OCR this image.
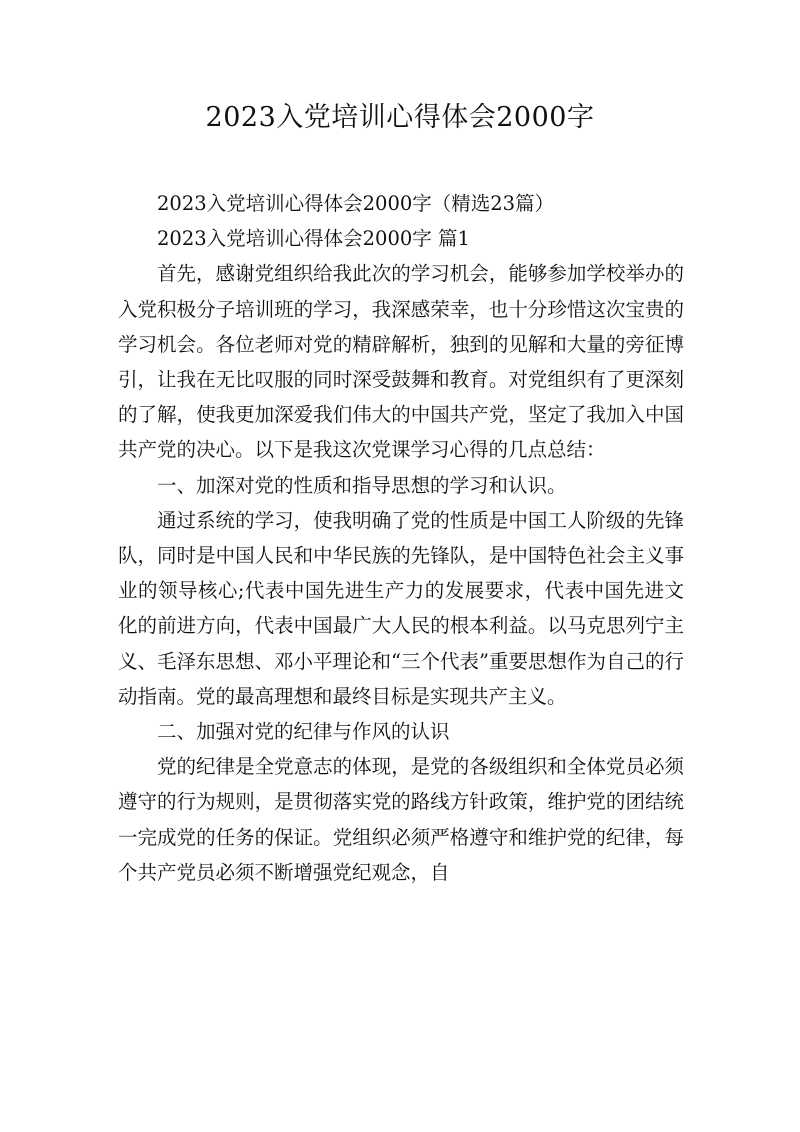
2023入党培训心得体会2000字

2023入党培训心得体会2000字（精选23篇）

2023入党培训心得体会2000字 篇1

首先，感谢党组织给我此次的学习机会，能够参加学校举办的入党积极分子培训班的学习，我深感荣幸，也十分珍惜这次宝贵的学习机会。各位老师对党的精辟解析，独到的见解和大量的旁征博引，让我在无比叹服的同时深受鼓舞和教育。对党组织有了更深刻的了解，使我更加深爱我们伟大的中国共产党，坚定了我加入中国共产党的决心。以下是我这次党课学习心得的几点总结：

一、加深对党的性质和指导思想的学习和认识。

通过系统的学习，使我明确了党的性质是中国工人阶级的先锋队，同时是中国人民和中华民族的先锋队，是中国特色社会主义事业的领导核心;代表中国先进生产力的发展要求，代表中国先进文化的前进方向，代表中国最广大人民的根本利益。以马克思列宁主义、毛泽东思想、邓小平理论和“三个代表”重要思想作为自己的行动指南。党的最高理想和最终目标是实现共产主义。

二、加强对党的纪律与作风的认识

党的纪律是全党意志的体现，是党的各级组织和全体党员必须遵守的行为规则，是贯彻落实党的路线方针政策，维护党的团结统一完成党的任务的保证。党组织必须严格遵守和维护党的纪律，每个共产党员必须不断增强党纪观念，自
